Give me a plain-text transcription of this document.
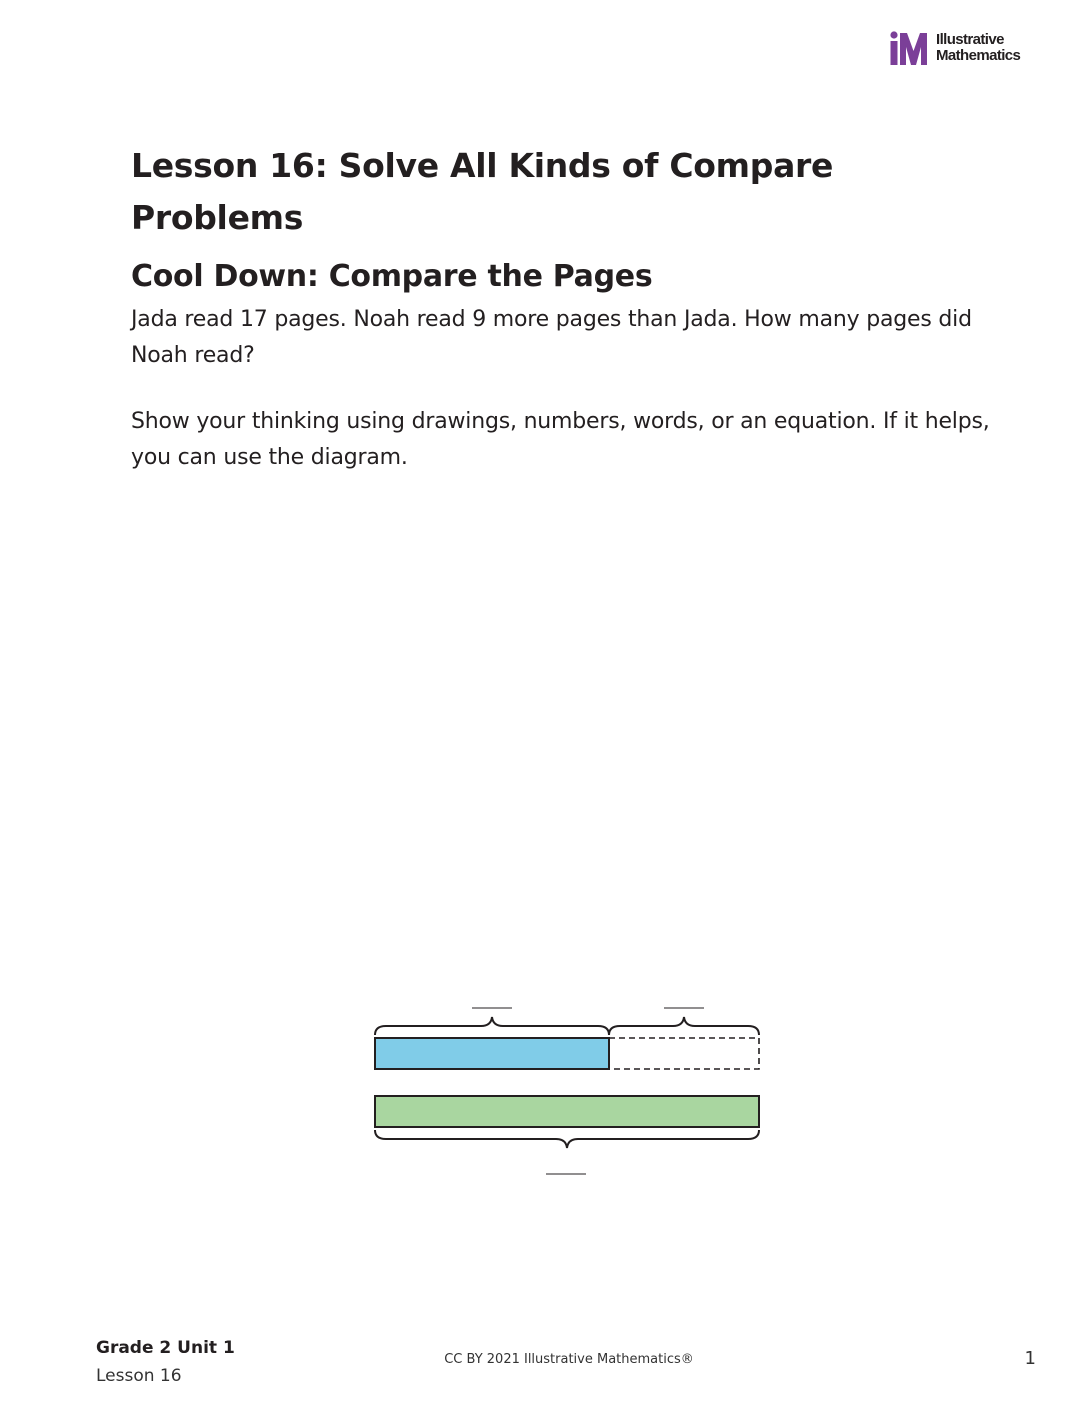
Illustrative
Mathematics
Lesson 16: Solve All Kinds of Compare Problems
Cool Down: Compare the Pages

Jada read 17 pages. Noah read 9 more pages than Jada. How many pages did Noah read?

Show your thinking using drawings, numbers, words, or an equation. If it helps, you can use the diagram.

Grade 2 Unit 1
Lesson 16
CC BY 2021 Illustrative Mathematics®	1
